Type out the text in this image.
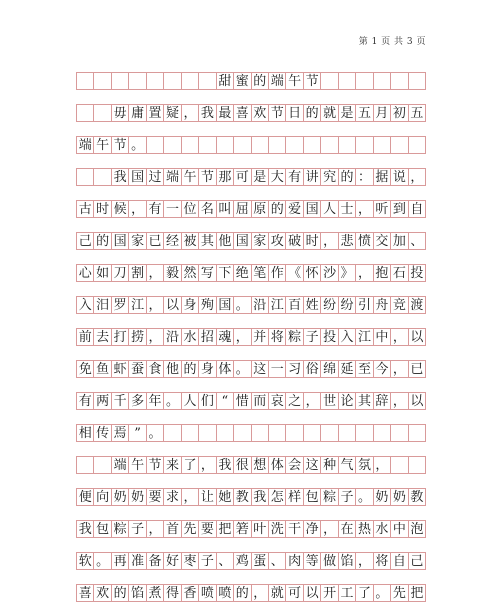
第 1 页 共 3 页
甜 蜜 的 端 午 节
毋 庸 置 疑 ， 我 最 喜 欢 节 日 的 就 是 五 月 初 五
端 午 节 。
我 国 过 端 午 节 那 可 是 大 有 讲 究 的 ： 据 说 ，
古 时 候 ， 有 一 位 名 叫 屈 原 的 爱 国 人 士 ， 听 到 自
己 的 国 家 已 经 被 其 他 国 家 攻 破 时 ， 悲 愤 交 加 、
心 如 刀 割 ， 毅 然 写 下 绝 笔 作 《 怀 沙 》 ， 抱 石 投
入 汨 罗 江 ， 以 身 殉 国 。 沿 江 百 姓 纷 纷 引 舟 竞 渡
前 去 打 捞 ， 沿 水 招 魂 ， 并 将 粽 子 投 入 江 中 ， 以
免 鱼 虾 蚕 食 他 的 身 体 。 这 一 习 俗 绵 延 至 今 ， 已
有 两 千 多 年 。 人 们 “ 惜 而 哀 之 ， 世 论 其 辞 ， 以
相 传 焉 ” 。
端 午 节 来 了 ， 我 很 想 体 会 这 种 气 氛 ，
便 向 奶 奶 要 求 ， 让 她 教 我 怎 样 包 粽 子 。 奶 奶 教
我 包 粽 子 ， 首 先 要 把 箬 叶 洗 干 净 ， 在 热 水 中 泡
软 。 再 准 备 好 枣 子 、 鸡 蛋 、 肉 等 做 馅 ， 将 自 己
喜 欢 的 馅 煮 得 香 喷 喷 的 ， 就 可 以 开 工 了 。 先 把
